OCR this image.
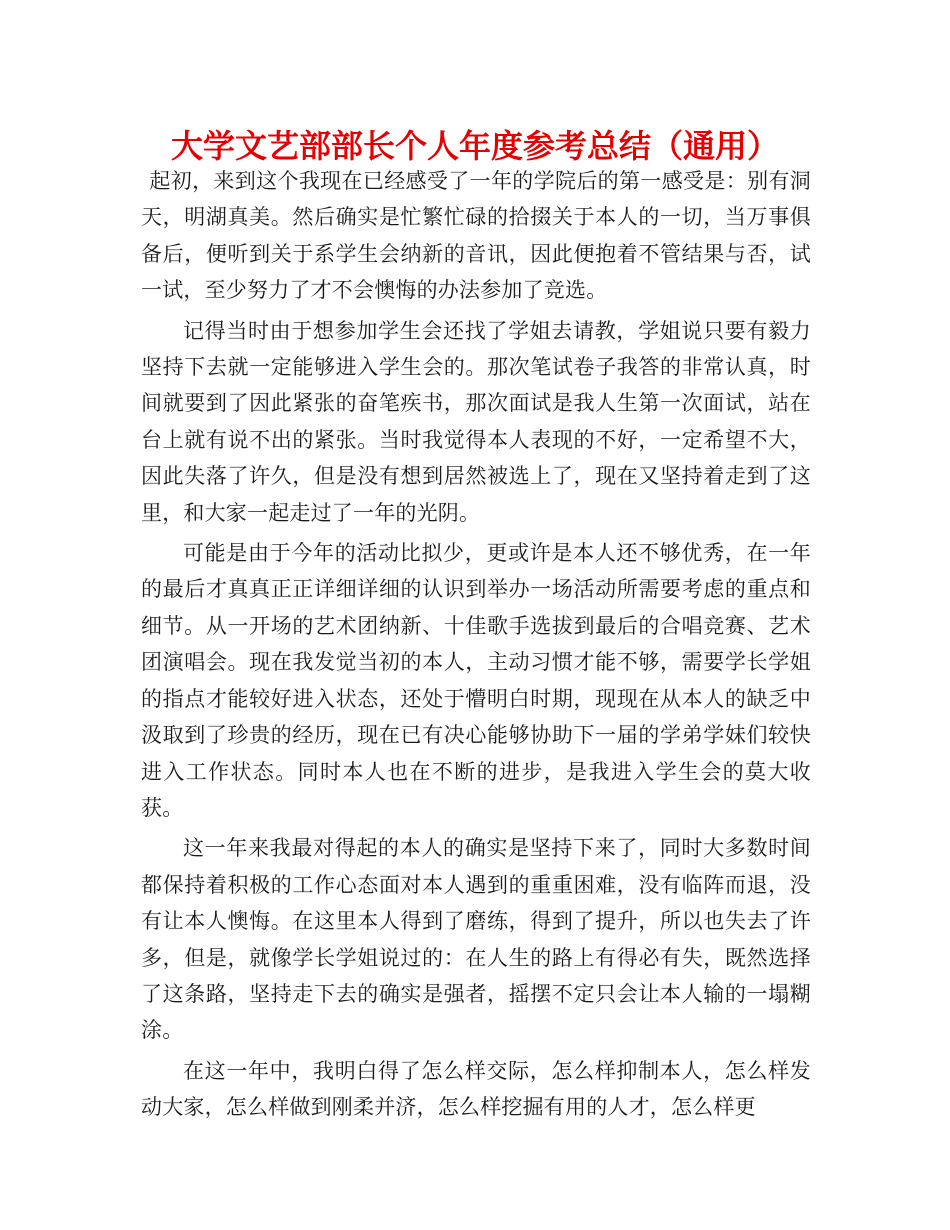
大学文艺部部长个人年度参考总结（通用）

起初，来到这个我现在已经感受了一年的学院后的第一感受是：别有洞天，明湖真美。然后确实是忙繁忙碌的拾掇关于本人的一切，当万事俱备后，便听到关于系学生会纳新的音讯，因此便抱着不管结果与否，试一试，至少努力了才不会懊悔的办法参加了竞选。

记得当时由于想参加学生会还找了学姐去请教，学姐说只要有毅力坚持下去就一定能够进入学生会的。那次笔试卷子我答的非常认真，时间就要到了因此紧张的奋笔疾书，那次面试是我人生第一次面试，站在台上就有说不出的紧张。当时我觉得本人表现的不好，一定希望不大，因此失落了许久，但是没有想到居然被选上了，现在又坚持着走到了这里，和大家一起走过了一年的光阴。

可能是由于今年的活动比拟少，更或许是本人还不够优秀，在一年的最后才真真正正详细详细的认识到举办一场活动所需要考虑的重点和细节。从一开场的艺术团纳新、十佳歌手选拔到最后的合唱竞赛、艺术团演唱会。现在我发觉当初的本人，主动习惯才能不够，需要学长学姐的指点才能较好进入状态，还处于懵明白时期，现现在从本人的缺乏中汲取到了珍贵的经历，现在已有决心能够协助下一届的学弟学妹们较快进入工作状态。同时本人也在不断的进步，是我进入学生会的莫大收获。

这一年来我最对得起的本人的确实是坚持下来了，同时大多数时间都保持着积极的工作心态面对本人遇到的重重困难，没有临阵而退，没有让本人懊悔。在这里本人得到了磨练，得到了提升，所以也失去了许多，但是，就像学长学姐说过的：在人生的路上有得必有失，既然选择了这条路，坚持走下去的确实是强者，摇摆不定只会让本人输的一塌糊涂。

在这一年中，我明白得了怎么样交际，怎么样抑制本人，怎么样发动大家，怎么样做到刚柔并济，怎么样挖掘有用的人才，怎么样更
